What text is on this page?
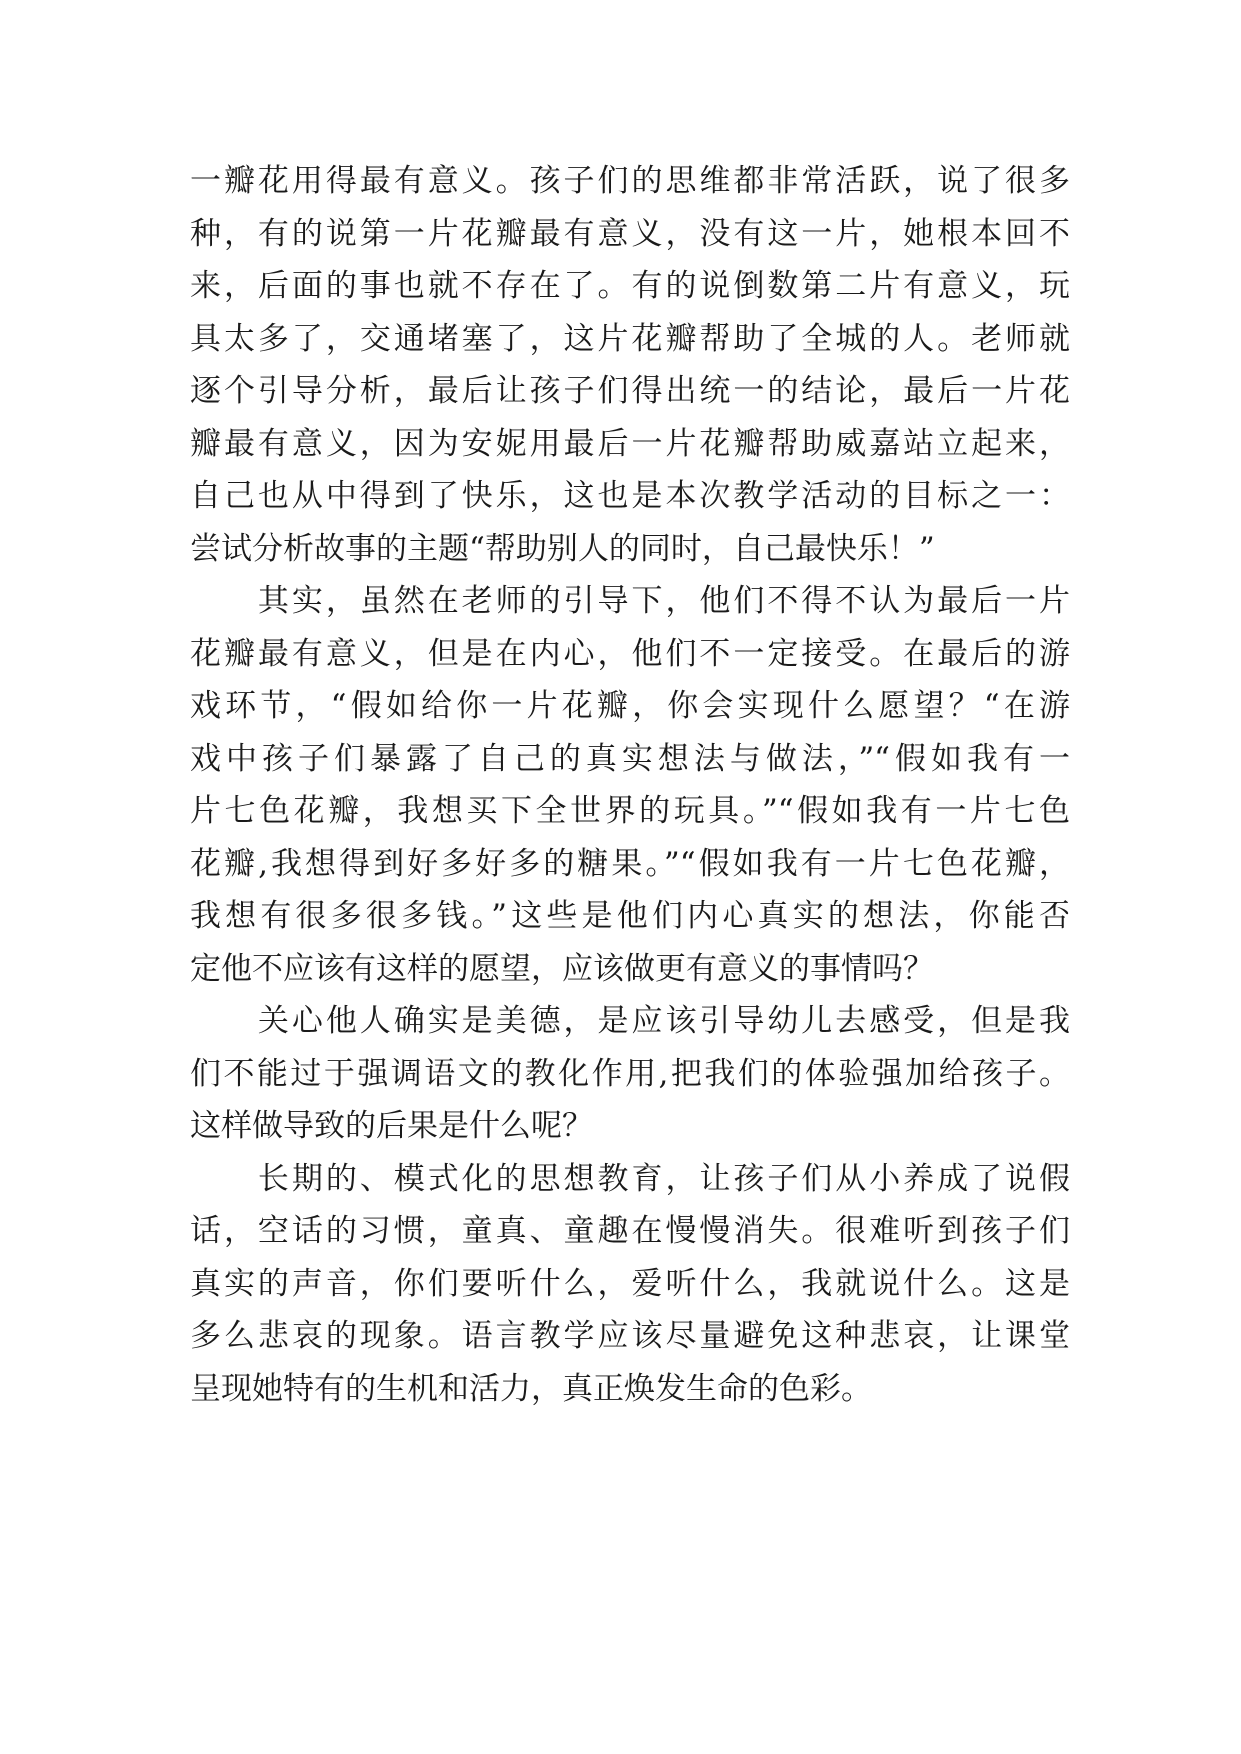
一瓣花用得最有意义。孩子们的思维都非常活跃，说了很多
种，有的说第一片花瓣最有意义，没有这一片，她根本回不
来，后面的事也就不存在了。有的说倒数第二片有意义，玩
具太多了，交通堵塞了，这片花瓣帮助了全城的人。老师就
逐个引导分析，最后让孩子们得出统一的结论，最后一片花
瓣最有意义，因为安妮用最后一片花瓣帮助威嘉站立起来，
自己也从中得到了快乐，这也是本次教学活动的目标之一：
尝试分析故事的主题“帮助别人的同时，自己最快乐！”
　　其实，虽然在老师的引导下，他们不得不认为最后一片
花瓣最有意义，但是在内心，他们不一定接受。在最后的游
戏环节，“假如给你一片花瓣，你会实现什么愿望？“在游
戏中孩子们暴露了自己的真实想法与做法，”“假如我有一
片七色花瓣，我想买下全世界的玩具。”“假如我有一片七色
花瓣,我想得到好多好多的糖果。”“假如我有一片七色花瓣，
我想有很多很多钱。”这些是他们内心真实的想法，你能否
定他不应该有这样的愿望，应该做更有意义的事情吗？
　　关心他人确实是美德，是应该引导幼儿去感受，但是我
们不能过于强调语文的教化作用,把我们的体验强加给孩子。
这样做导致的后果是什么呢？
　　长期的、模式化的思想教育，让孩子们从小养成了说假
话，空话的习惯，童真、童趣在慢慢消失。很难听到孩子们
真实的声音，你们要听什么，爱听什么，我就说什么。这是
多么悲哀的现象。语言教学应该尽量避免这种悲哀，让课堂
呈现她特有的生机和活力，真正焕发生命的色彩。
